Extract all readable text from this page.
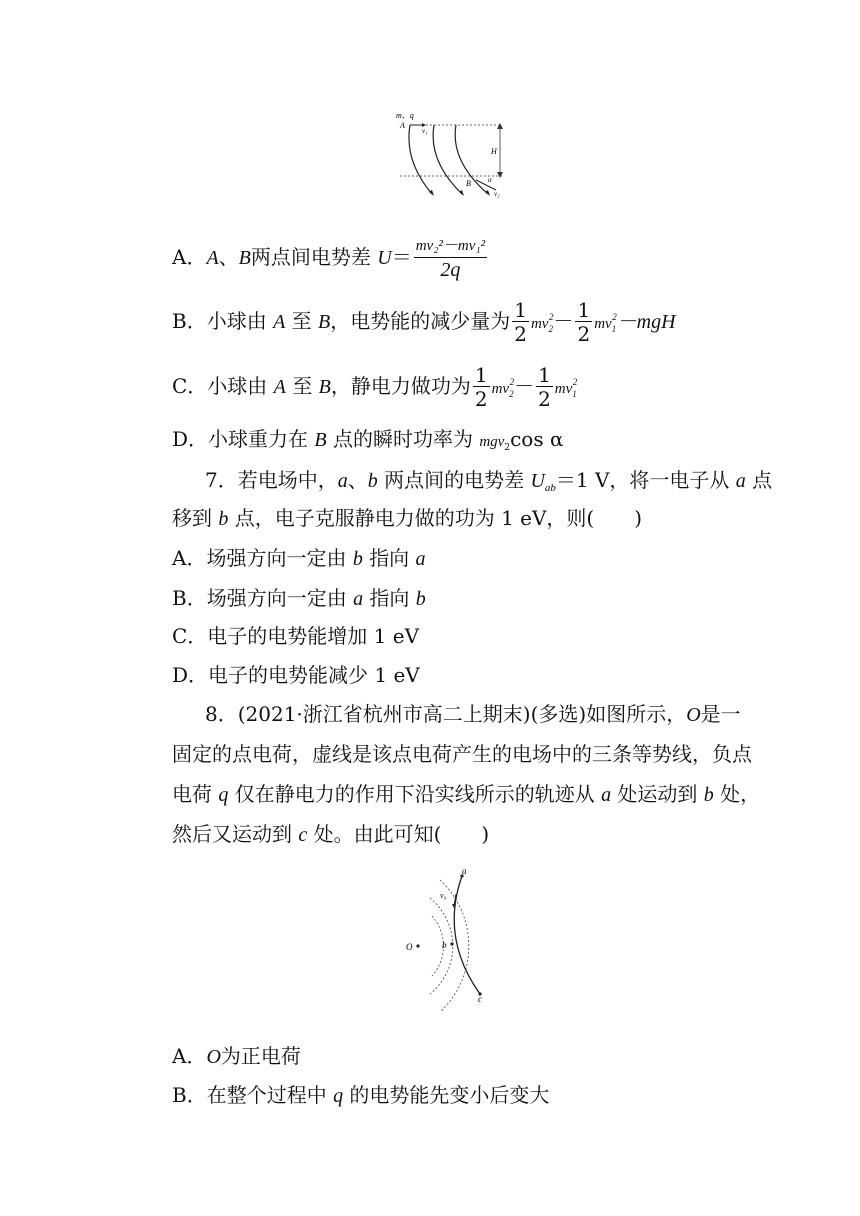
m、q
A
v₁
H
α
B
v₂
A．A、B两点间电势差 $U= \frac{\text{mv₂²－mv₁²}}{2q}$
B．小球由 A 至 B，电势能的减少量为 $\frac{1}{2} mv_2^2- \frac{1}{2} mv_1^2-mgH$
C．小球由 A 至 B，静电力做功为 $\frac{1}{2} mv_2^2- \frac{1}{2} mv_1^2$
D．小球重力在 B 点的瞬时功率为 mgv$_2$cos α
7．若电场中，a、b 两点间的电势差 $U_{ab}=1$ V，将一电子从 a 点
移到 b 点，电子克服静电力做的功为 1 eV，则(　　)
A．场强方向一定由 b 指向 a
B．场强方向一定由 a 指向 b
C．电子的电势能增加 1 eV
D．电子的电势能减少 1 eV
8．(2021·浙江省杭州市高二上期末)(多选)如图所示，O是一
固定的点电荷，虚线是该点电荷产生的电场中的三条等势线，负点
电荷 q 仅在静电力的作用下沿实线所示的轨迹从 a 处运动到 b 处，
然后又运动到 c 处。由此可知(　　)
O
a
v₀
b
c
A．O为正电荷
B．在整个过程中 q 的电势能先变小后变大
